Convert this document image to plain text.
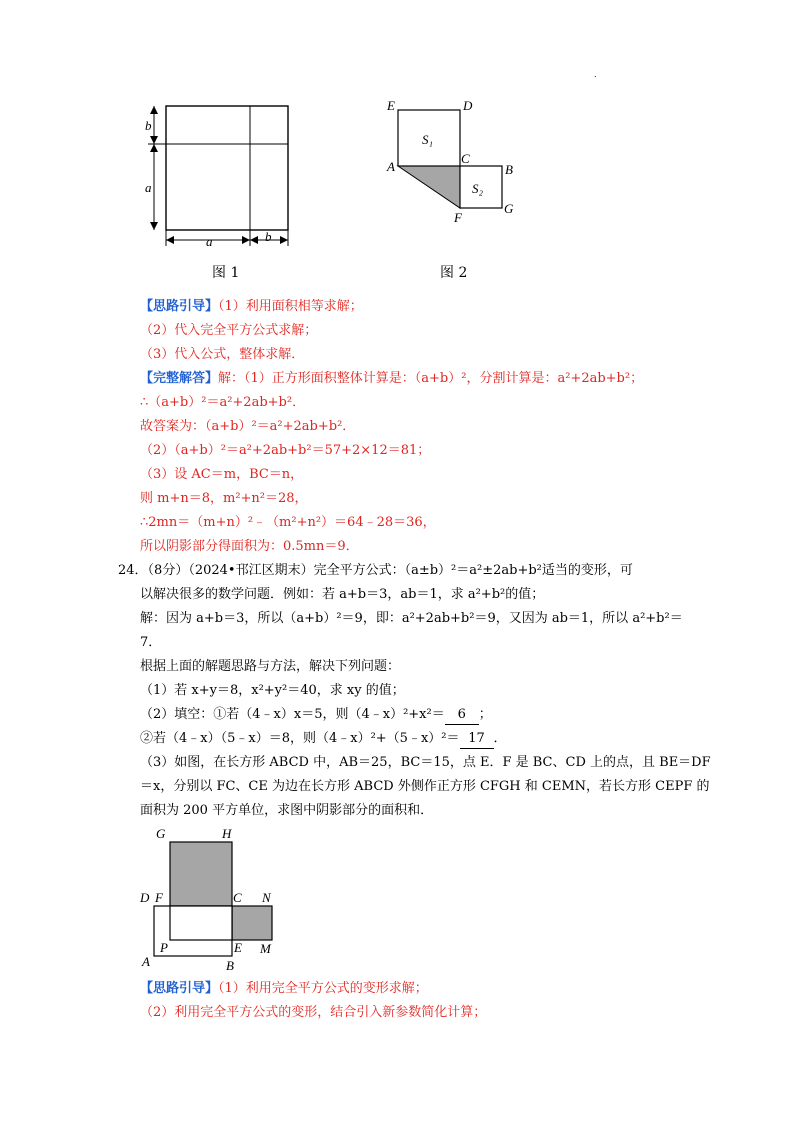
.
b
a
a	b
图 1
E	D
S₁
A
C
B
S₂
F
G
图 2
【思路引导】（1）利用面积相等求解；
（2）代入完全平方公式求解；
（3）代入公式，整体求解．
【完整解答】解：（1）正方形面积整体计算是：（a+b）²，分割计算是：a²+2ab+b²；
∴（a+b）²＝a²+2ab+b²．
故答案为：（a+b）²＝a²+2ab+b²．
（2）（a+b）²＝a²+2ab+b²＝57+2×12＝81；
（3）设 AC＝m，BC＝n，
则 m+n＝8，m²+n²＝28，
∴2mn＝（m+n）²﹣（m²+n²）＝64﹣28＝36，
所以阴影部分得面积为：0.5mn＝9．
24．（8分）（2024•邗江区期末）完全平方公式：（a±b）²＝a²±2ab+b²适当的变形，可
以解决很多的数学问题．例如：若 a+b＝3，ab＝1，求 a²+b²的值；
解：因为 a+b＝3，所以（a+b）²＝9，即：a²+2ab+b²＝9，又因为 ab＝1，所以 a²+b²＝
7．
根据上面的解题思路与方法，解决下列问题：
（1）若 x+y＝8，x²+y²＝40，求 xy 的值；
（2）填空：①若（4﹣x）x＝5，则（4﹣x）²+x²＝ 6 ；
②若（4﹣x）（5﹣x）＝8，则（4﹣x）²+（5﹣x）²＝ 17 ．
（3）如图，在长方形 ABCD 中，AB＝25，BC＝15，点 E．F 是 BC、CD 上的点，且 BE＝DF
＝x，分别以 FC、CE 为边在长方形 ABCD 外侧作正方形 CFGH 和 CEMN，若长方形 CEPF 的
面积为 200 平方单位，求图中阴影部分的面积和．
G	H
D F	C N
P	E M
A	B
【思路引导】（1）利用完全平方公式的变形求解；
（2）利用完全平方公式的变形，结合引入新参数简化计算；
